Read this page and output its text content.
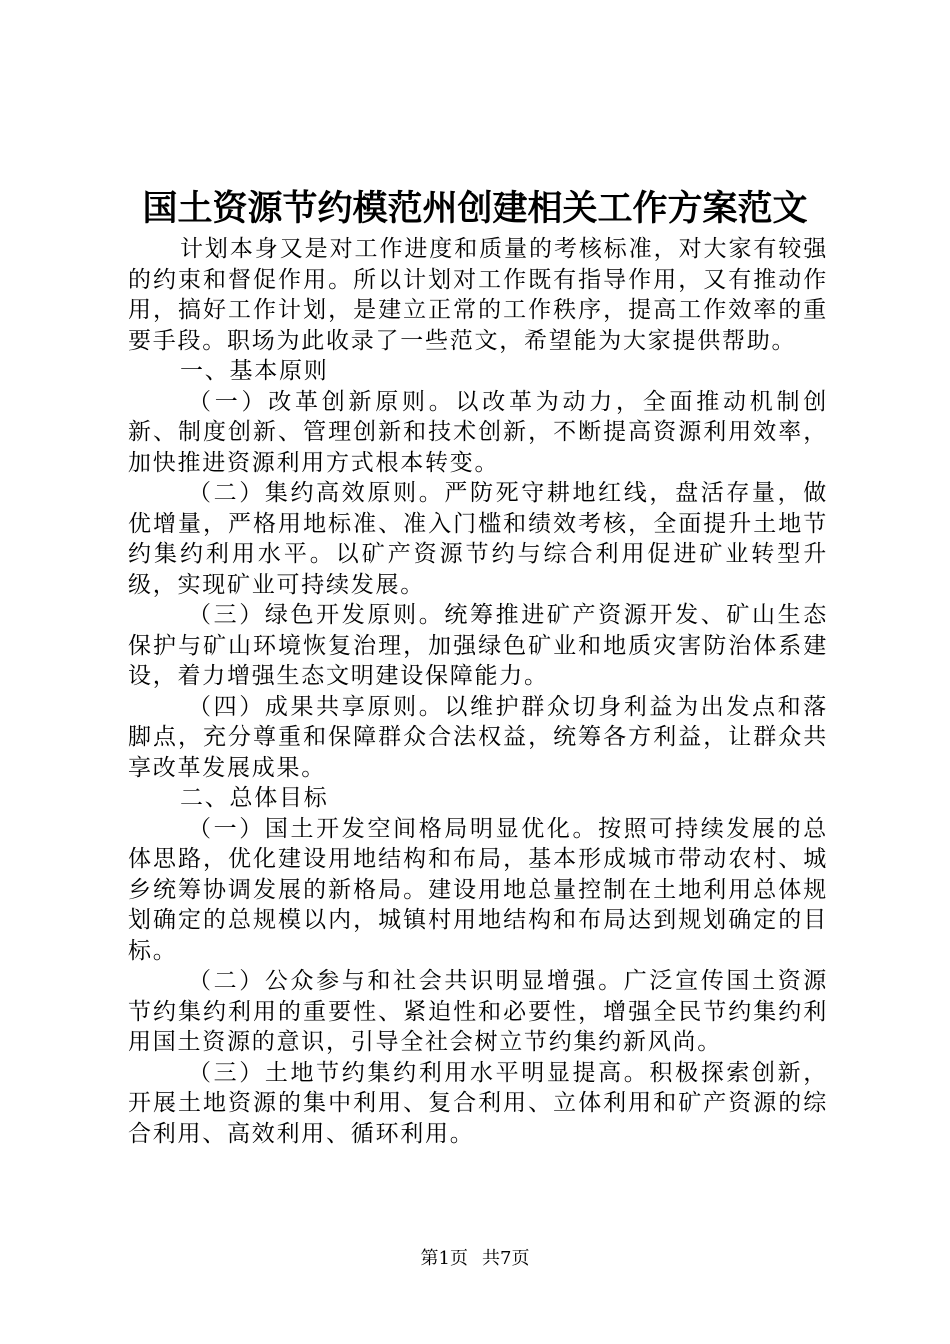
国土资源节约模范州创建相关工作方案范文

计划本身又是对工作进度和质量的考核标准，对大家有较强的约束和督促作用。所以计划对工作既有指导作用，又有推动作用，搞好工作计划，是建立正常的工作秩序，提高工作效率的重要手段。职场为此收录了一些范文，希望能为大家提供帮助。

一、基本原则

（一）改革创新原则。以改革为动力，全面推动机制创新、制度创新、管理创新和技术创新，不断提高资源利用效率，加快推进资源利用方式根本转变。

（二）集约高效原则。严防死守耕地红线，盘活存量，做优增量，严格用地标准、准入门槛和绩效考核，全面提升土地节约集约利用水平。以矿产资源节约与综合利用促进矿业转型升级，实现矿业可持续发展。

（三）绿色开发原则。统筹推进矿产资源开发、矿山生态保护与矿山环境恢复治理，加强绿色矿业和地质灾害防治体系建设，着力增强生态文明建设保障能力。

（四）成果共享原则。以维护群众切身利益为出发点和落脚点，充分尊重和保障群众合法权益，统筹各方利益，让群众共享改革发展成果。

二、总体目标

（一）国土开发空间格局明显优化。按照可持续发展的总体思路，优化建设用地结构和布局，基本形成城市带动农村、城乡统筹协调发展的新格局。建设用地总量控制在土地利用总体规划确定的总规模以内，城镇村用地结构和布局达到规划确定的目标。

（二）公众参与和社会共识明显增强。广泛宣传国土资源节约集约利用的重要性、紧迫性和必要性，增强全民节约集约利用国土资源的意识，引导全社会树立节约集约新风尚。

（三）土地节约集约利用水平明显提高。积极探索创新，开展土地资源的集中利用、复合利用、立体利用和矿产资源的综合利用、高效利用、循环利用。

第1页 共7页
